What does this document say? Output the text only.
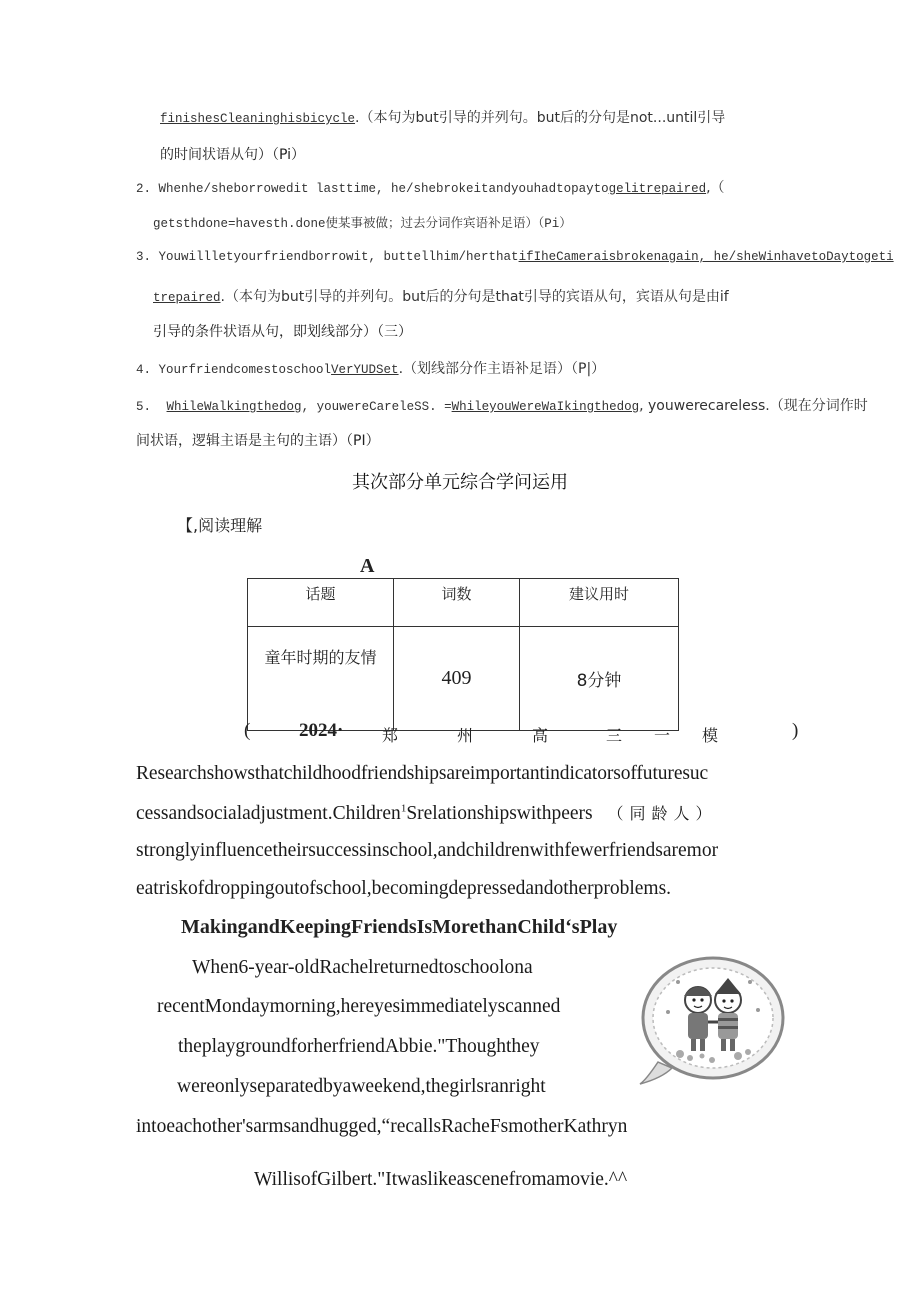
finishesCleaninghisbicycle.（本句为but引导的并列句。but后的分句是not...until引导
的时间状语从句）（Pi）
2. Whenhe/sheborrowedit lasttime, he/shebrokeitandyouhadtopaytogelitrepaired,（
getsthdone=havesth.done使某事被做；过去分词作宾语补足语）（Pi）
3. Youwillletyourfriendborrowit, buttellhim/herthatifIheCameraisbrokenagain, he/sheWinhavetoDaytogeti
trepaired.（本句为but引导的并列句。but后的分句是that引导的宾语从句，宾语从句是由if
引导的条件状语从句，即划线部分）（三）
4. YourfriendcomestoschoolVerYUDSet.（划线部分作主语补足语）（P|）
5. WhileWalkingthedog, youwereCareleSS. =WhileyouWereWaIkingthedog, youwerecareless.（现在分词作时
间状语，逻辑主语是主句的主语）（PI）
其次部分单元综合学问运用
【,阅读理解
A
话题	词数	建议用时
童年时期的友情	409	8分钟
(	2024· 郑	州	高	三 一 模	)
Researchshowsthatchildhoodfriendshipsareimportantindicatorsoffuturesuc
cessandsocialadjustment.Children$^1$Srelationshipswithpeers （同龄人）
stronglyinfluencetheirsuccessinschool,andchildrenwithfewerfriendsaremor
eatriskofdroppingoutofschool,becomingdepressedandotherproblems.
MakingandKeepingFriendsIsMorethanChild‘sPlay
When6-year-oldRachelreturnedtoschoolona
recentMondaymorning,hereyesimmediatelyscanned
theplaygroundforherfriendAbbie."Thoughthey
wereonlyseparatedbyaweekend,thegirlsranright
intoeachother'sarmsandhugged,“recallsRacheFsmotherKathryn
WillisofGilbert."Itwaslikeascenefromamovie.^^
